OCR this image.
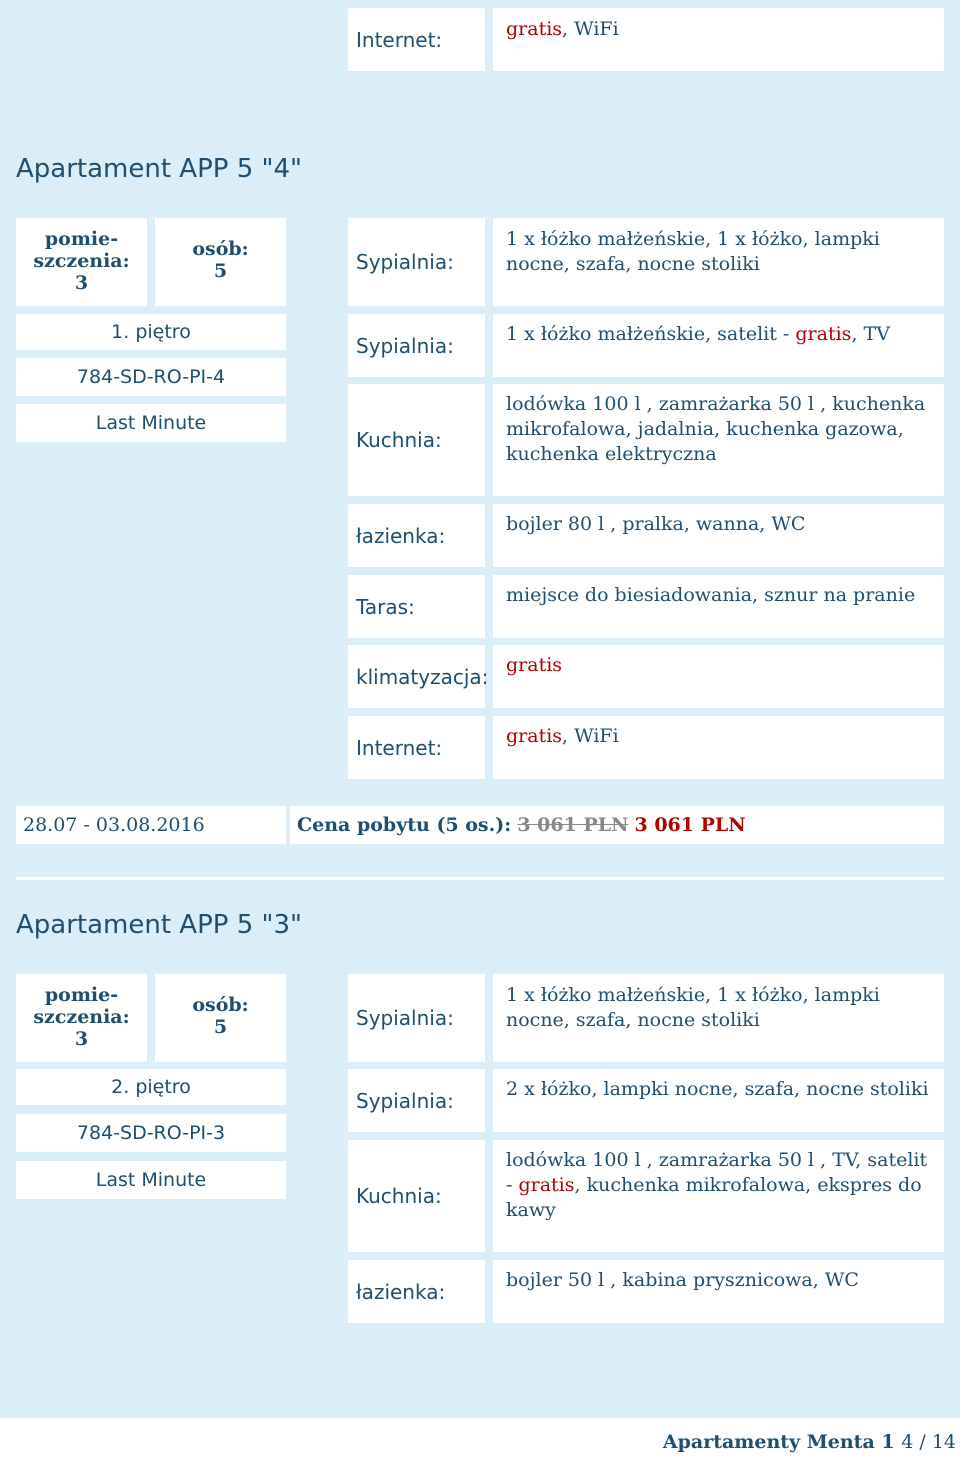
Internet:	gratis, WiFi
Apartament APP 5 "4"
pomie-
szczenia:
3
osób:
5
1. piętro
784-SD-RO-PI-4
Last Minute
Sypialnia:
1 x łóżko małżeńskie, 1 x łóżko, lampki nocne, szafa, nocne stoliki
Sypialnia:	1 x łóżko małżeńskie, satelit - gratis, TV
Kuchnia:
lodówka 100 l , zamrażarka 50 l , kuchenka mikrofalowa, jadalnia, kuchenka gazowa, kuchenka elektryczna
łazienka:	bojler 80 l , pralka, wanna, WC
Taras:	miejsce do biesiadowania, sznur na pranie
klimatyzacja: gratis
Internet:	gratis, WiFi
28.07 - 03.08.2016	Cena pobytu (5 os.):
3 061 PLN
3 061 PLN
Apartament APP 5 "3"
pomie-
szczenia:
3
osób:
5
2. piętro
784-SD-RO-PI-3
Last Minute
Sypialnia:
1 x łóżko małżeńskie, 1 x łóżko, lampki nocne, szafa, nocne stoliki
Sypialnia:	2 x łóżko, lampki nocne, szafa, nocne stoliki
Kuchnia:
lodówka 100 l , zamrażarka 50 l , TV, satelit - gratis, kuchenka mikrofalowa, ekspres do kawy
łazienka:	bojler 50 l , kabina prysznicowa, WC
Apartamenty Menta 1 4 / 14
